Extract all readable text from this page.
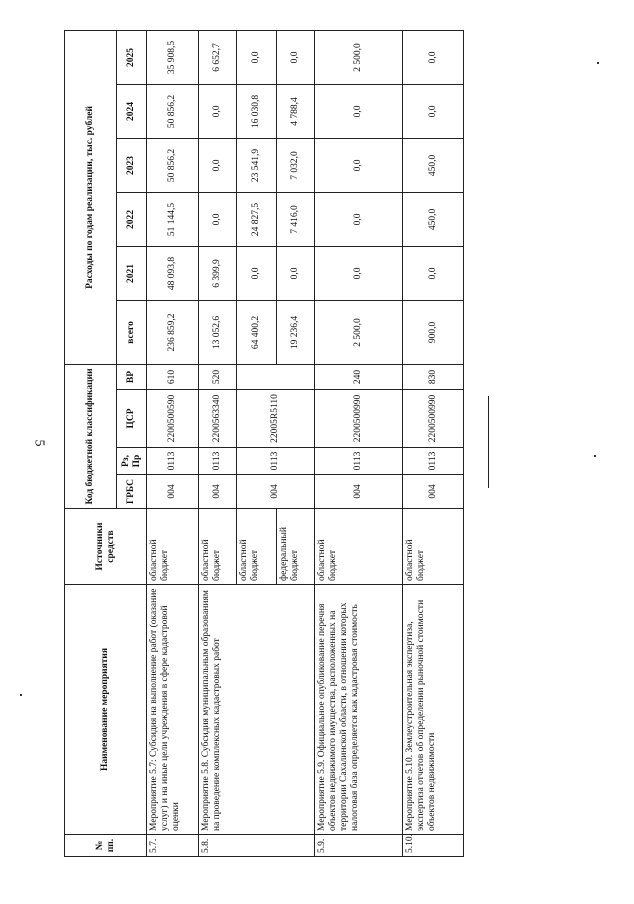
5
№ пп.	Наименование мероприятия	Источники средств	Код бюджетной классификации				Расходы по годам реализации, тыс. рублей					
			ГРБС	Рз, Пр	ЦСР	ВР	всего	2021	2022	2023	2024	2025
5.7.	Мероприятие 5.7: Субсидия на выполнение работ (оказание услуг) и на иные цели учреждения в сфере кадастровой оценки	областной бюджет	004	0113	2200500590	610	236 859,2	48 093,8	51 144,5	50 856,2	50 856,2	35 908,5
5.8.	Мероприятие 5.8. Субсидия муниципальным образованиям на проведение комплексных кадастровых работ	областной бюджет	004	0113	2200563340	520	13 052,6	6 399,9	0,0	0,0	0,0	6 652,7
		областной бюджет	004	0113	22005R5110		64 400,2	0,0	24 827,5	23 541,9	16 030,8	0,0
		федеральный бюджет					19 236,4	0,0	7 416,0	7 032,0	4 788,4	0,0
5.9.	Мероприятие 5.9. Официальное опубликование перечня объектов недвижимого имущества, расположенных на территории Сахалинской области, в отношении которых налоговая база определяется как кадастровая стоимость	областной бюджет	004	0113	2200500990	240	2 500,0	0,0	0,0	0,0	0,0	2 500,0
5.10.	Мероприятие 5.10. Землеустроительная экспертиза, экспертиза отчетов об определении рыночной стоимости объектов недвижимости	областной бюджет	004	0113	2200500990	830	900,0	0,0	450,0	450,0	0,0	0,0
